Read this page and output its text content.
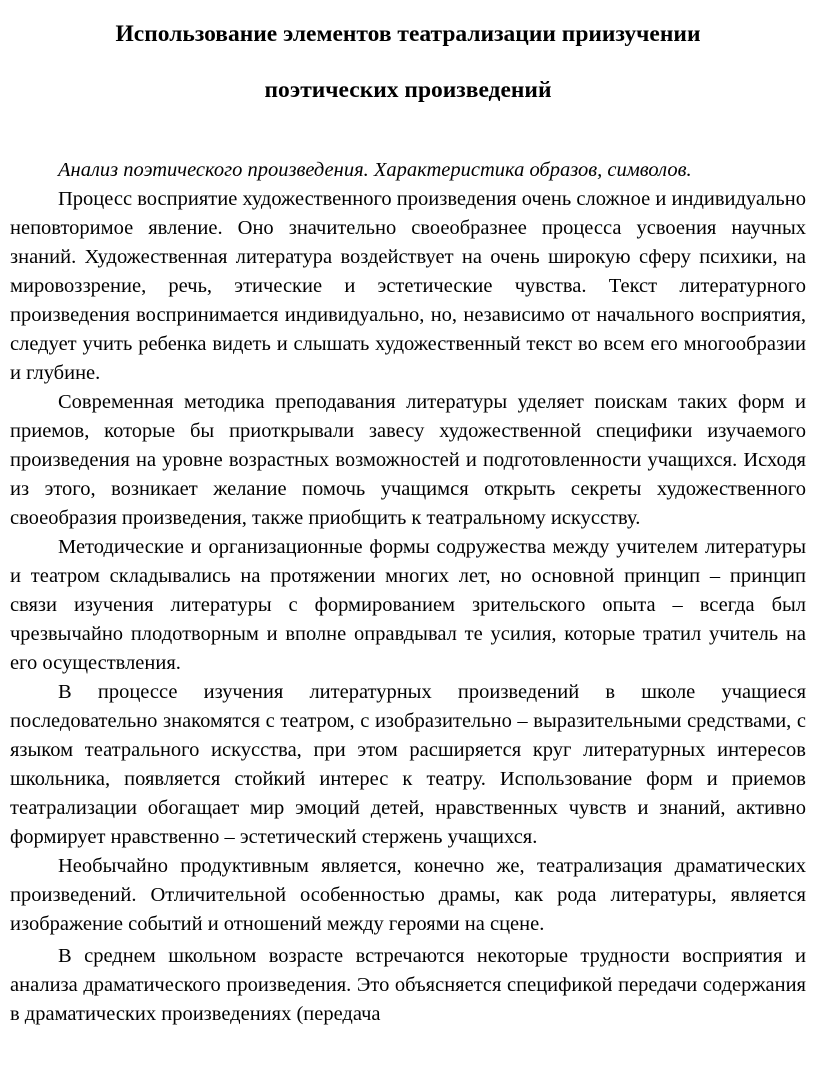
Использование элементов театрализации приизучении
поэтических произведений
Анализ поэтического произведения. Характеристика образов, символов.

Процесс восприятие художественного произведения очень сложное и индивидуально неповторимое явление. Оно значительно своеобразнее процесса усвоения научных знаний. Художественная литература воздействует на очень широкую сферу психики, на мировоззрение, речь, этические и эстетические чувства. Текст литературного произведения воспринимается индивидуально, но, независимо от начального восприятия, следует учить ребенка видеть и слышать художественный текст во всем его многообразии и глубине.

Современная методика преподавания литературы уделяет поискам таких форм и приемов, которые бы приоткрывали завесу художественной специфики изучаемого произведения на уровне возрастных возможностей и подготовленности учащихся. Исходя из этого, возникает желание помочь учащимся открыть секреты художественного своеобразия произведения, также приобщить к театральному искусству.

Методические и организационные формы содружества между учителем литературы и театром складывались на протяжении многих лет, но основной принцип – принцип связи изучения литературы с формированием зрительского опыта – всегда был чрезвычайно плодотворным и вполне оправдывал те усилия, которые тратил учитель на его осуществления.

В процессе изучения литературных произведений в школе учащиеся последовательно знакомятся с театром, с изобразительно – выразительными средствами, с языком театрального искусства, при этом расширяется круг литературных интересов школьника, появляется стойкий интерес к театру. Использование форм и приемов театрализации обогащает мир эмоций детей, нравственных чувств и знаний, активно формирует нравственно – эстетический стержень учащихся.

Необычайно продуктивным является, конечно же, театрализация драматических произведений. Отличительной особенностью драмы, как рода литературы, является изображение событий и отношений между героями на сцене.

В среднем школьном возрасте встречаются некоторые трудности восприятия и анализа драматического произведения. Это объясняется спецификой передачи содержания в драматических произведениях (передача
